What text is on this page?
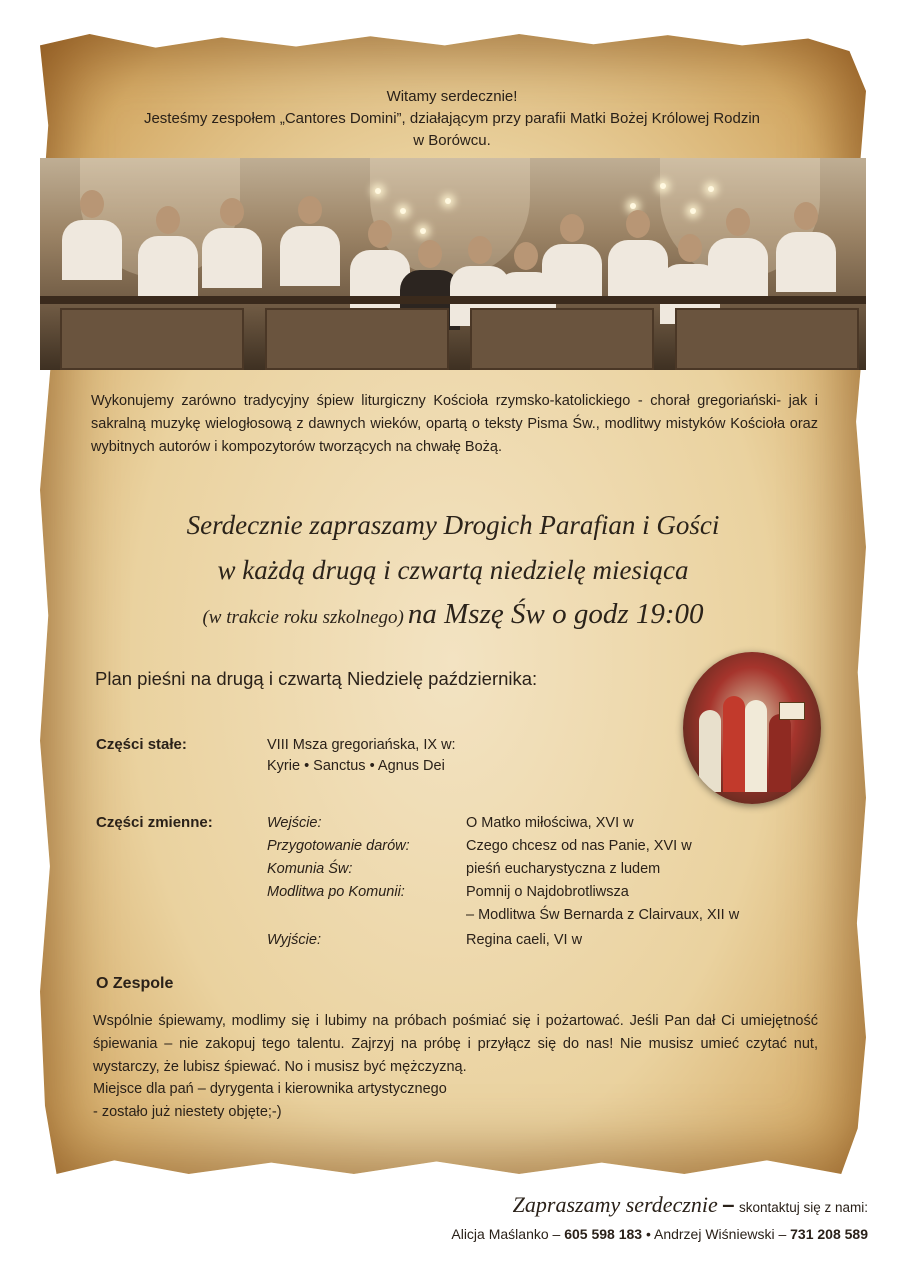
Witamy serdecznie!
Jesteśmy zespołem „Cantores Domini”, działającym przy parafii Matki Bożej Królowej Rodzin
w Borówcu.

Wykonujemy zarówno tradycyjny śpiew liturgiczny Kościoła rzymsko-katolickiego - chorał gregoriański- jak i sakralną muzykę wielogłosową z dawnych wieków, opartą o teksty Pisma Św., modlitwy mistyków Kościoła oraz wybitnych autorów i kompozytorów tworzących na chwałę Bożą.

Serdecznie zapraszamy Drogich Parafian i Gości
w każdą drugą i czwartą niedzielę miesiąca
(w trakcie roku szkolnego) na Mszę Św o godz 19:00
Plan pieśni na drugą i czwartą Niedzielę października:
Części stałe:	VIII Msza gregoriańska, IX w:
Kyrie • Sanctus • Agnus Dei
Części zmienne:	Wejście:	O Matko miłościwa, XVI w
Przygotowanie darów:	Czego chcesz od nas Panie, XVI w
Komunia Św:	pieśń eucharystyczna z ludem
Modlitwa po Komunii:	Pomnij o Najdobrotliwsza
– Modlitwa Św Bernarda z Clairvaux, XII w
Wyjście:	Regina caeli, VI w
O Zespole

Wspólnie śpiewamy, modlimy się i lubimy na próbach pośmiać się i pożartować. Jeśli Pan dał Ci umiejętność śpiewania – nie zakopuj tego talentu. Zajrzyj na próbę i przyłącz się do nas! Nie musisz umieć czytać nut, wystarczy, że lubisz śpiewać. No i musisz być mężczyzną.

Miejsce dla pań – dyrygenta i kierownika artystycznego
- zostało już niestety objęte;-)
Zapraszamy serdecznie – skontaktuj się z nami:
Alicja Maślanko – 605 598 183 • Andrzej Wiśniewski – 731 208 589
